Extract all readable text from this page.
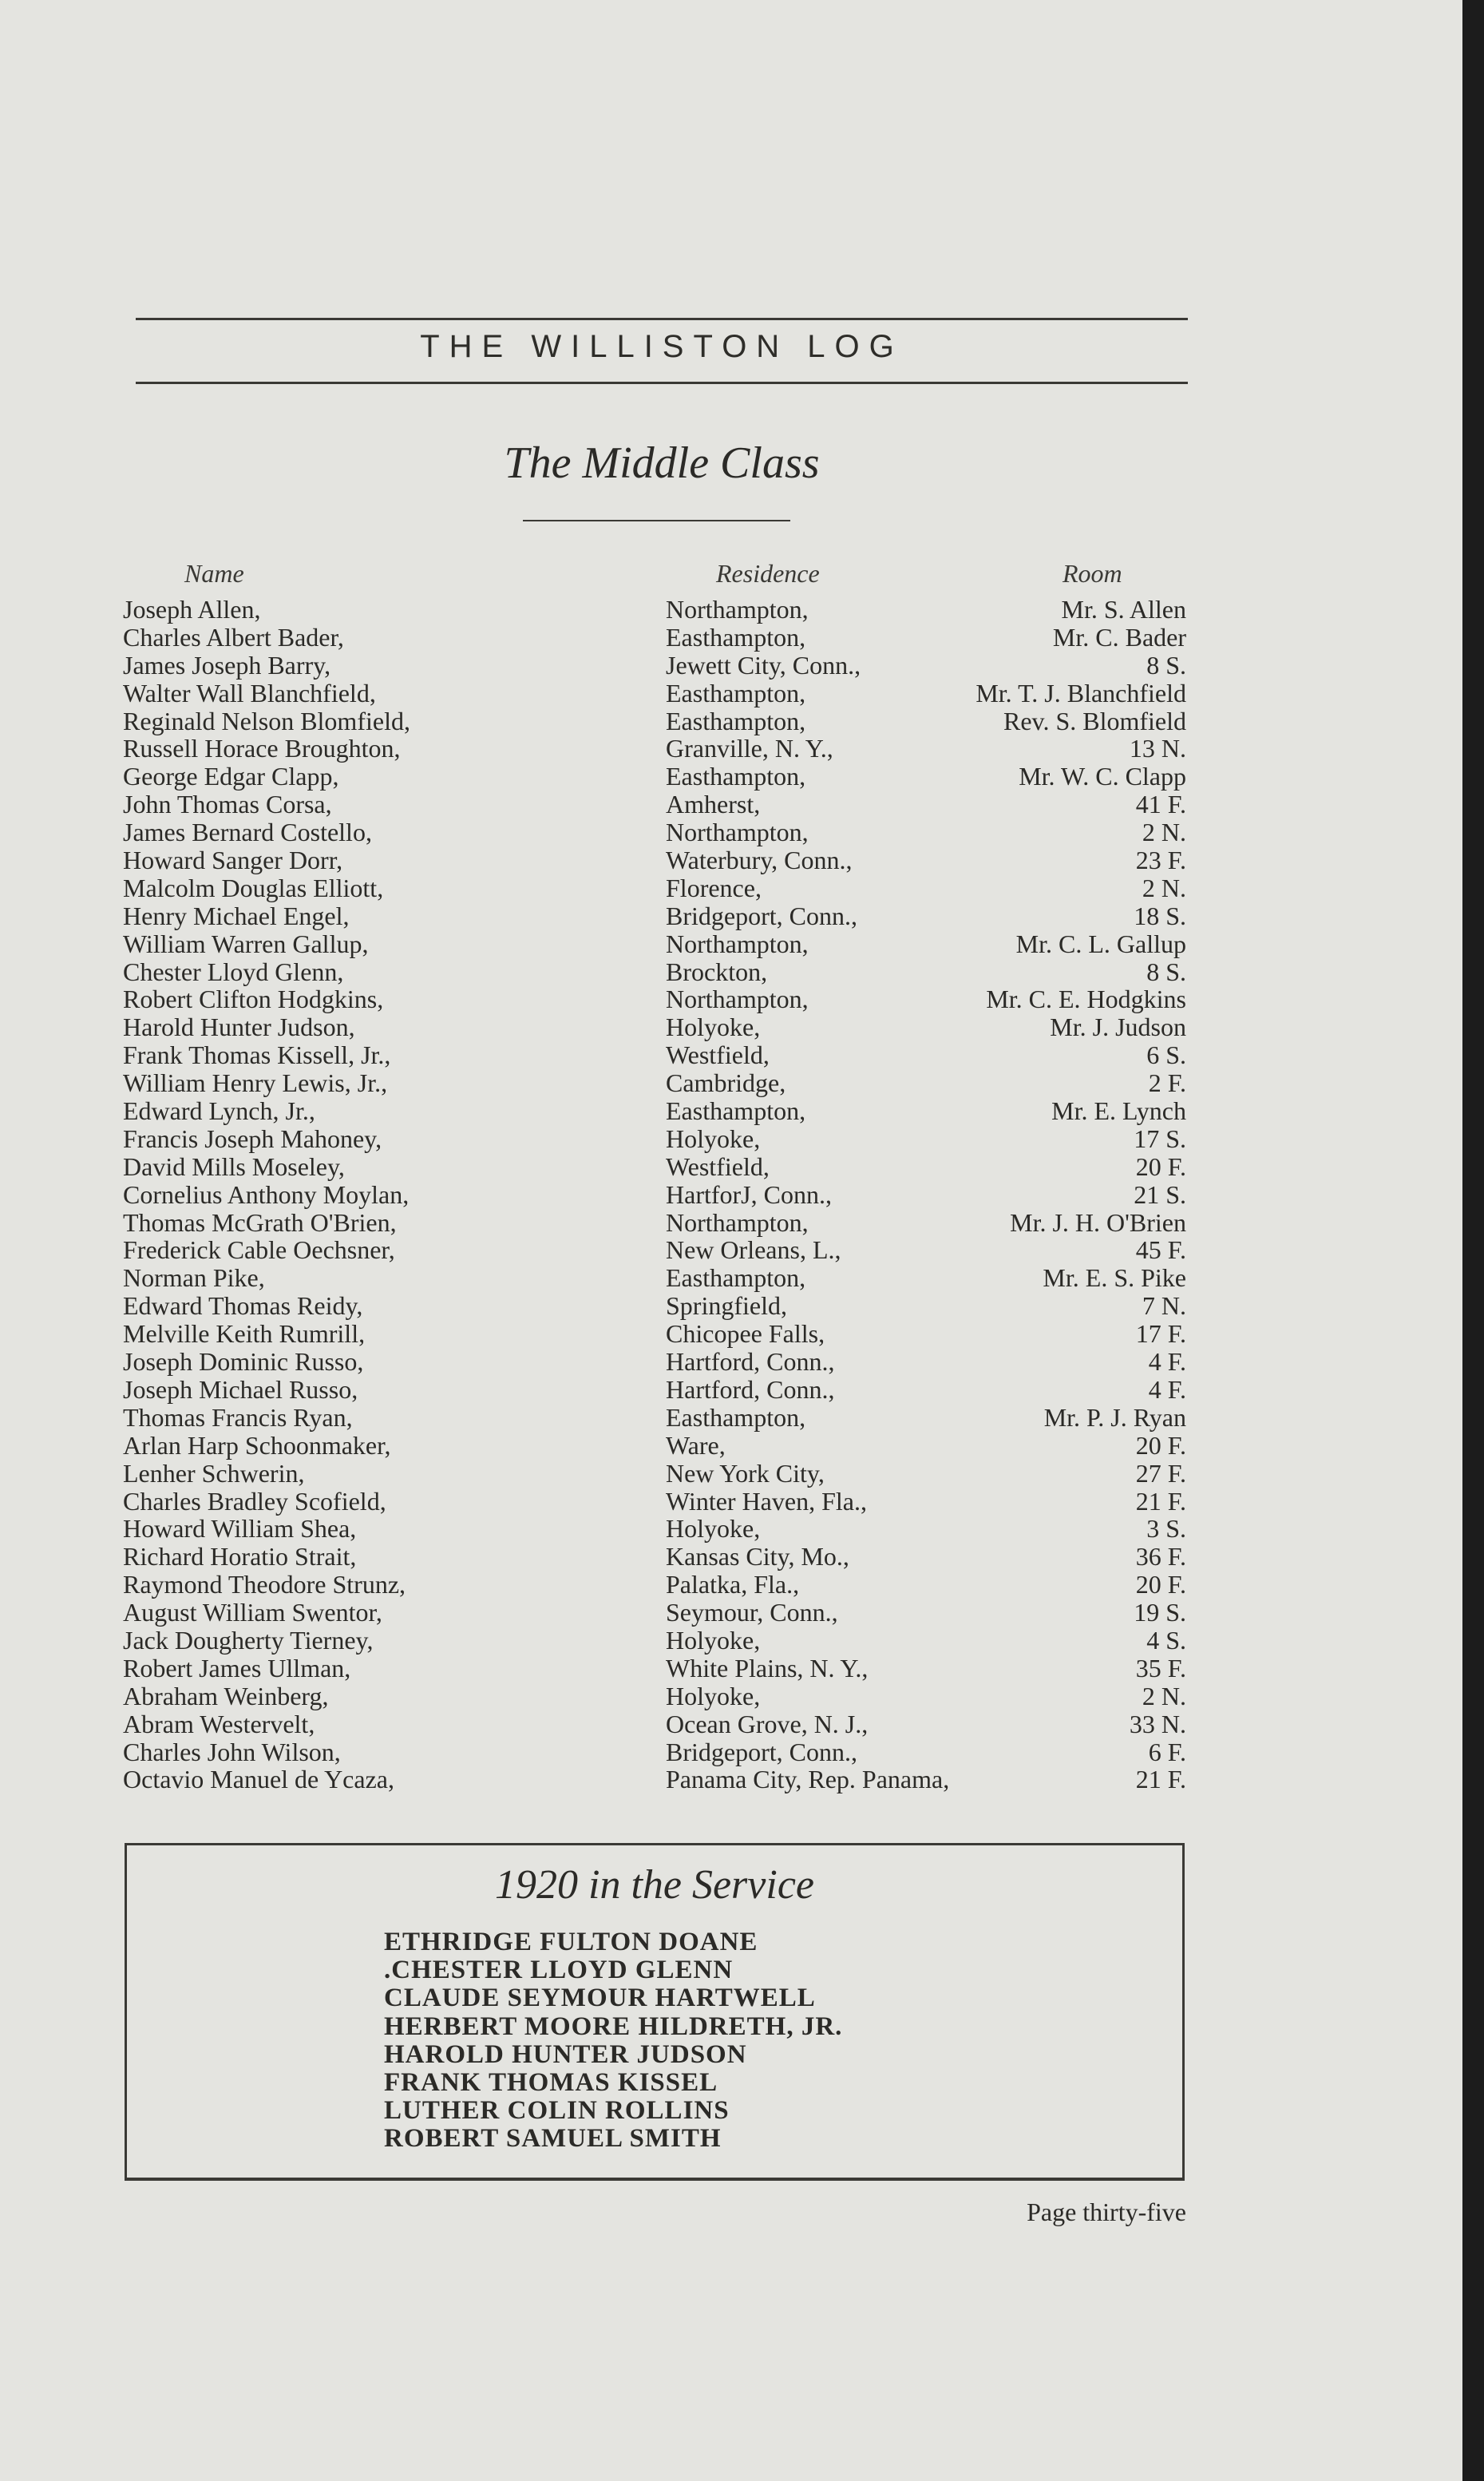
THE WILLISTON LOG
The Middle Class
Name	Residence	Room
Joseph Allen,	Northampton,	Mr. S. Allen
Charles Albert Bader,	Easthampton,	Mr. C. Bader
James Joseph Barry,	Jewett City, Conn.,	8 S.
Walter Wall Blanchfield,	Easthampton,	Mr. T. J. Blanchfield
Reginald Nelson Blomfield,	Easthampton,	Rev. S. Blomfield
Russell Horace Broughton,	Granville, N. Y.,	13 N.
George Edgar Clapp,	Easthampton,	Mr. W. C. Clapp
John Thomas Corsa,	Amherst,	41 F.
James Bernard Costello,	Northampton,	2 N.
Howard Sanger Dorr,	Waterbury, Conn.,	23 F.
Malcolm Douglas Elliott,	Florence,	2 N.
Henry Michael Engel,	Bridgeport, Conn.,	18 S.
William Warren Gallup,	Northampton,	Mr. C. L. Gallup
Chester Lloyd Glenn,	Brockton,	8 S.
Robert Clifton Hodgkins,	Northampton,	Mr. C. E. Hodgkins
Harold Hunter Judson,	Holyoke,	Mr. J. Judson
Frank Thomas Kissell, Jr.,	Westfield,	6 S.
William Henry Lewis, Jr.,	Cambridge,	2 F.
Edward Lynch, Jr.,	Easthampton,	Mr. E. Lynch
Francis Joseph Mahoney,	Holyoke,	17 S.
David Mills Moseley,	Westfield,	20 F.
Cornelius Anthony Moylan,	HartforJ, Conn.,	21 S.
Thomas McGrath O'Brien,	Northampton,	Mr. J. H. O'Brien
Frederick Cable Oechsner,	New Orleans, L.,	45 F.
Norman Pike,	Easthampton,	Mr. E. S. Pike
Edward Thomas Reidy,	Springfield,	7 N.
Melville Keith Rumrill,	Chicopee Falls,	17 F.
Joseph Dominic Russo,	Hartford, Conn.,	4 F.
Joseph Michael Russo,	Hartford, Conn.,	4 F.
Thomas Francis Ryan,	Easthampton,	Mr. P. J. Ryan
Arlan Harp Schoonmaker,	Ware,	20 F.
Lenher Schwerin,	New York City,	27 F.
Charles Bradley Scofield,	Winter Haven, Fla.,	21 F.
Howard William Shea,	Holyoke,	3 S.
Richard Horatio Strait,	Kansas City, Mo.,	36 F.
Raymond Theodore Strunz,	Palatka, Fla.,	20 F.
August William Swentor,	Seymour, Conn.,	19 S.
Jack Dougherty Tierney,	Holyoke,	4 S.
Robert James Ullman,	White Plains, N. Y.,	35 F.
Abraham Weinberg,	Holyoke,	2 N.
Abram Westervelt,	Ocean Grove, N. J.,	33 N.
Charles John Wilson,	Bridgeport, Conn.,	6 F.
Octavio Manuel de Ycaza,	Panama City, Rep. Panama,	21 F.
1920 in the Service
ETHRIDGE FULTON DOANE
.CHESTER LLOYD GLENN
CLAUDE SEYMOUR HARTWELL
HERBERT MOORE HILDRETH, JR.
HAROLD HUNTER JUDSON
FRANK THOMAS KISSEL
LUTHER COLIN ROLLINS
ROBERT SAMUEL SMITH
Page thirty-five
